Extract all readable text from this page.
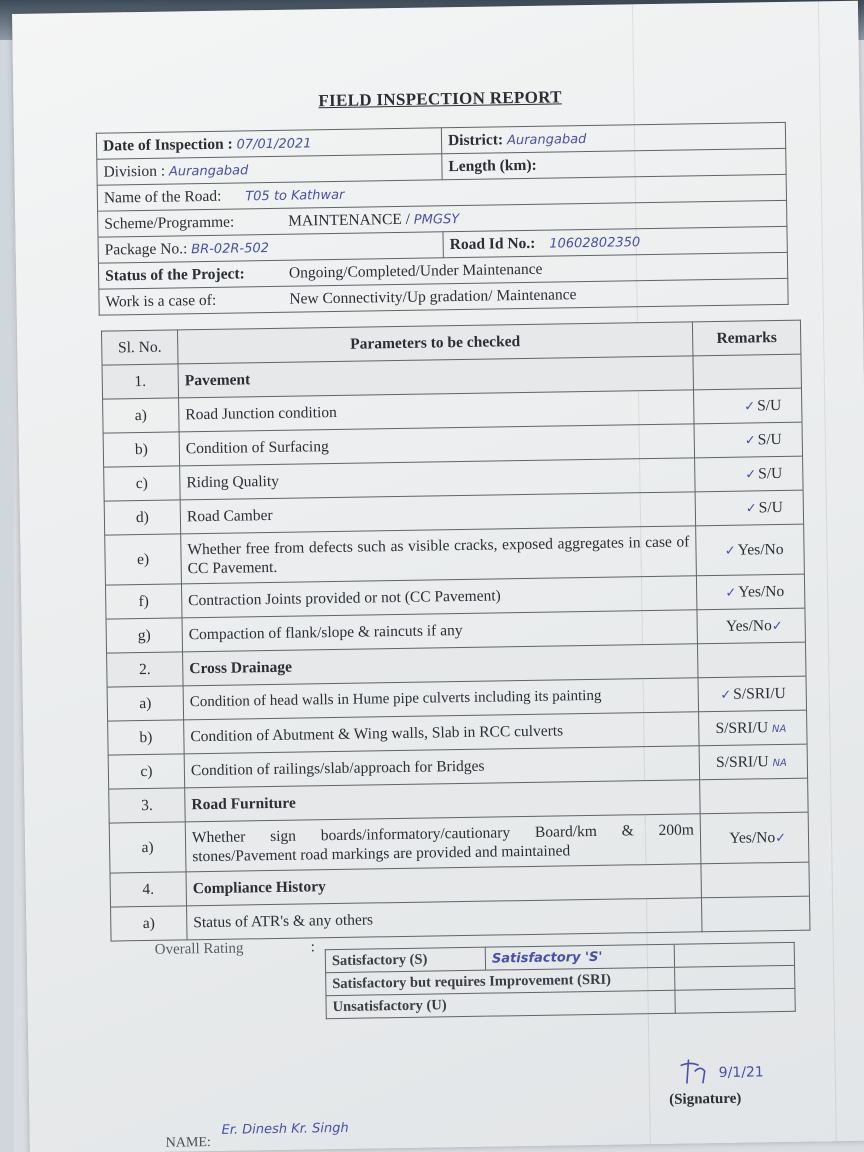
FIELD INSPECTION REPORT
Date of Inspection : 07/01/2021	District: Aurangabad
Division : Aurangabad	Length (km):
Name of the Road: T05 to Kathwar	
Scheme/Programme: MAINTENANCE / PMGSY	
Package No.: BR-02R-502	Road Id No.: 10602802350
Status of the Project: Ongoing/Completed/Under Maintenance	
Work is a case of: New Connectivity/Up gradation/ Maintenance	
Sl. No.	Parameters to be checked	Remarks
1.	Pavement	
a)	Road Junction condition	✓ S/U
b)	Condition of Surfacing	✓ S/U
c)	Riding Quality	✓ S/U
d)	Road Camber	✓ S/U
e)	Whether free from defects such as visible cracks, exposed aggregates in case of CC Pavement.	✓ Yes/No
f)	Contraction Joints provided or not (CC Pavement)	✓ Yes/No
g)	Compaction of flank/slope & raincuts if any	Yes/No✓
2.	Cross Drainage	
a)	Condition of head walls in Hume pipe culverts including its painting	✓ S/SRI/U
b)	Condition of Abutment & Wing walls, Slab in RCC culverts	S/SRI/U NA
c)	Condition of railings/slab/approach for Bridges	S/SRI/U NA
3.	Road Furniture	
a)	Whether sign boards/informatory/cautionary Board/km & 200m stones/Pavement road markings are provided and maintained	Yes/No✓
4.	Compliance History	
a)	Status of ATR's & any others	
Overall Rating	:
Satisfactory (S)	Satisfactory 'S'	
Satisfactory but requires Improvement (SRI)		
Unsatisfactory (U)		
9/1/21
(Signature)
NAME:
Er. Dinesh Kr. Singh
